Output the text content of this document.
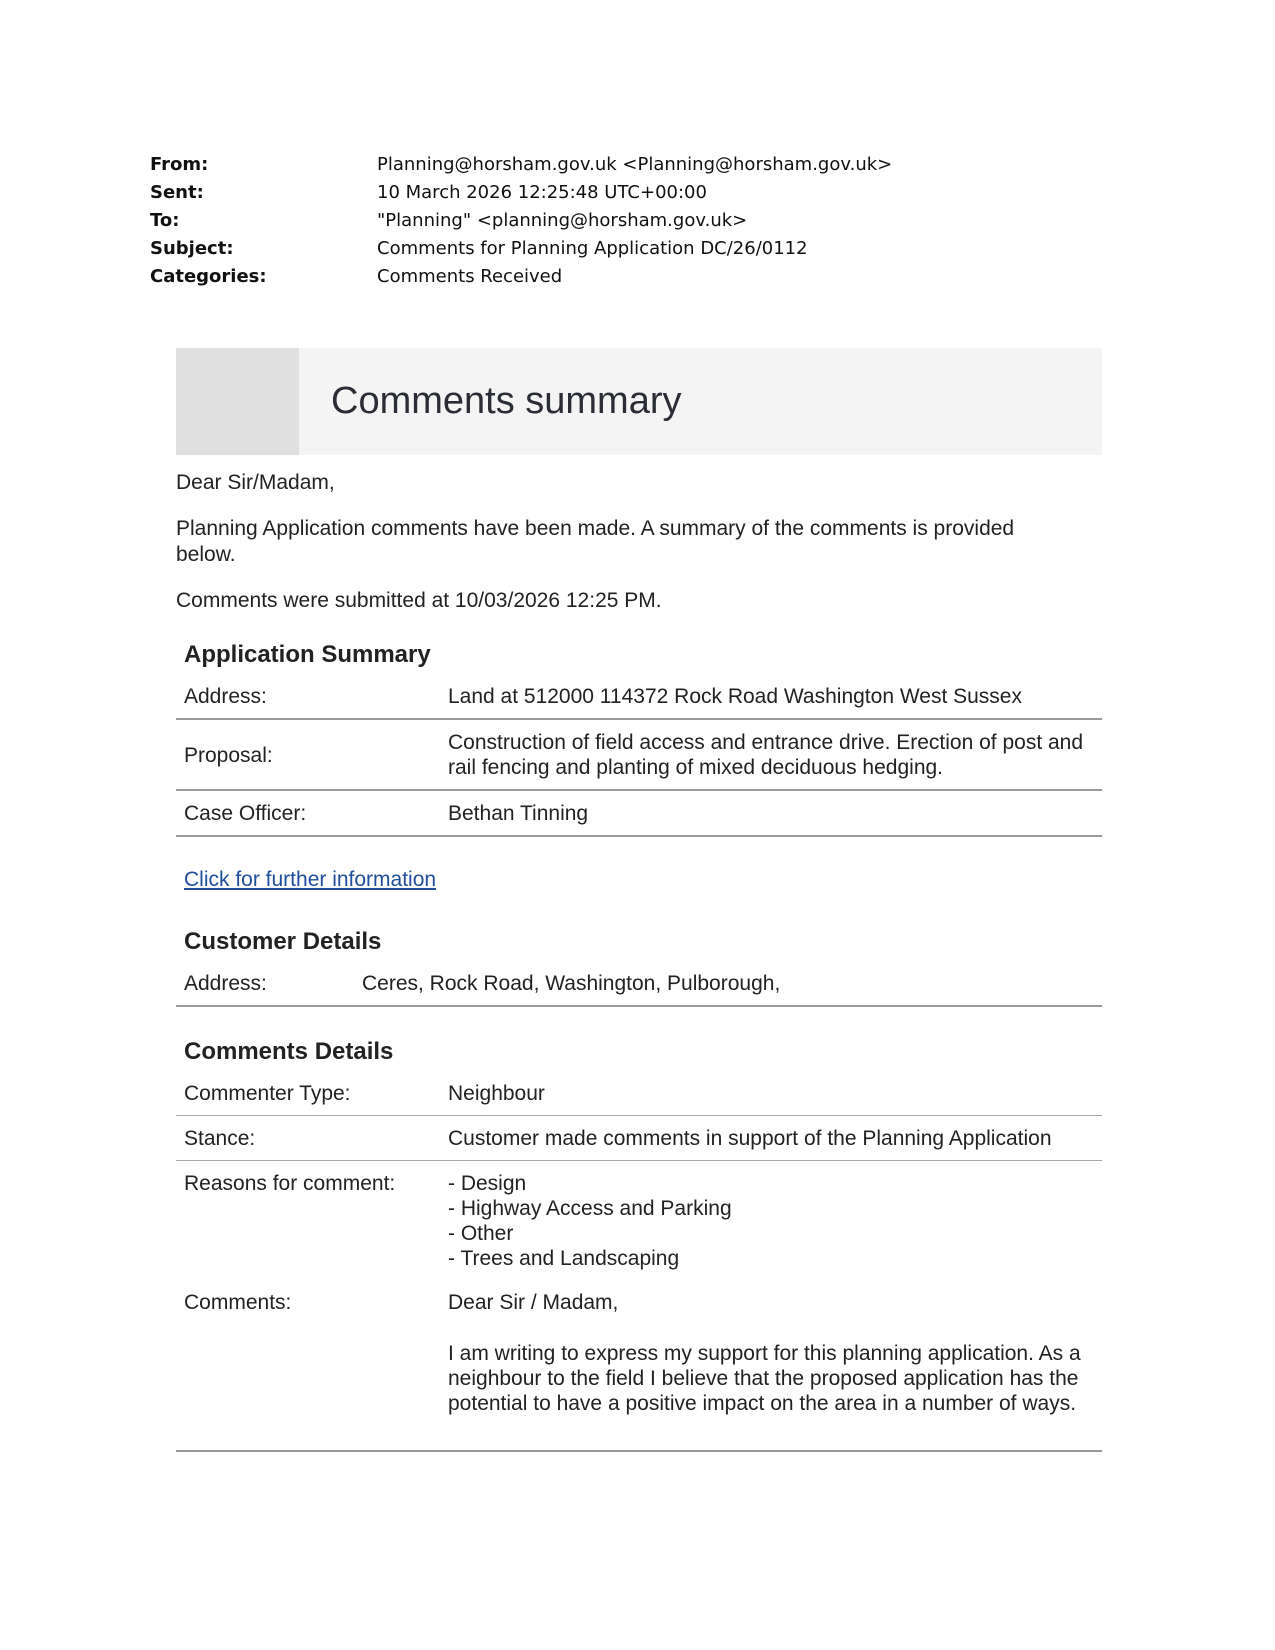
From:	Planning@horsham.gov.uk <Planning@horsham.gov.uk>
Sent:	10 March 2026 12:25:48 UTC+00:00
To:	"Planning" <planning@horsham.gov.uk>
Subject:	Comments for Planning Application DC/26/0112
Categories:	Comments Received
Comments summary

Dear Sir/Madam,

Planning Application comments have been made. A summary of the comments is provided below.

Comments were submitted at 10/03/2026 12:25 PM.

Application Summary
Address:	Land at 512000 114372 Rock Road Washington West Sussex
Proposal:	Construction of field access and entrance drive. Erection of post and rail fencing and planting of mixed deciduous hedging.
Case Officer:	Bethan Tinning
Click for further information
Customer Details
Address:	Ceres, Rock Road, Washington, Pulborough,
Comments Details
Commenter Type:	Neighbour
Stance:	Customer made comments in support of the Planning Application
Reasons for comment:	- Design
- Highway Access and Parking
- Other
- Trees and Landscaping

Comments:	Dear Sir / Madam,
I am writing to express my support for this planning application. As a neighbour to the field I believe that the proposed application has the potential to have a positive impact on the area in a number of ways.
